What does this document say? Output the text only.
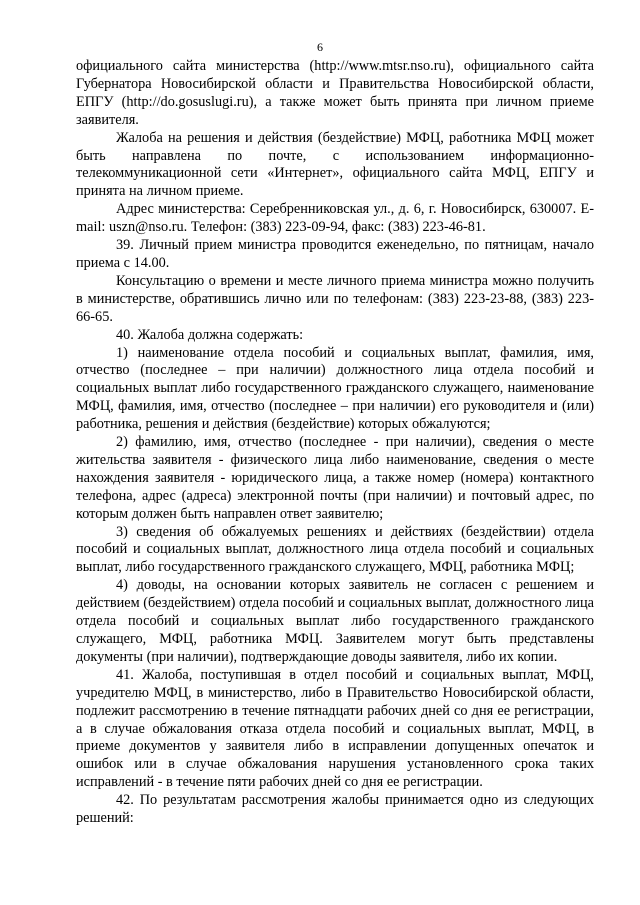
6

официального сайта министерства (http://www.mtsr.nso.ru), официального сайта Губернатора Новосибирской области и Правительства Новосибирской области, ЕПГУ (http://do.gosuslugi.ru), а также может быть принята при личном приеме заявителя.

Жалоба на решения и действия (бездействие) МФЦ, работника МФЦ может быть направлена по почте, с использованием информационно-телекоммуникационной сети «Интернет», официального сайта МФЦ, ЕПГУ и принята на личном приеме.

Адрес министерства: Серебренниковская ул., д. 6, г. Новосибирск, 630007. E-mail: uszn@nso.ru. Телефон: (383) 223-09-94, факс: (383) 223-46-81.

39. Личный прием министра проводится еженедельно, по пятницам, начало приема с 14.00.

Консультацию о времени и месте личного приема министра можно получить в министерстве, обратившись лично или по телефонам: (383) 223-23-88, (383) 223-66-65.

40. Жалоба должна содержать:

1) наименование отдела пособий и социальных выплат, фамилия, имя, отчество (последнее – при наличии) должностного лица отдела пособий и социальных выплат либо государственного гражданского служащего, наименование МФЦ, фамилия, имя, отчество (последнее – при наличии) его руководителя и (или) работника, решения и действия (бездействие) которых обжалуются;

2) фамилию, имя, отчество (последнее - при наличии), сведения о месте жительства заявителя - физического лица либо наименование, сведения о месте нахождения заявителя - юридического лица, а также номер (номера) контактного телефона, адрес (адреса) электронной почты (при наличии) и почтовый адрес, по которым должен быть направлен ответ заявителю;

3) сведения об обжалуемых решениях и действиях (бездействии) отдела пособий и социальных выплат, должностного лица отдела пособий и социальных выплат, либо государственного гражданского служащего, МФЦ, работника МФЦ;

4) доводы, на основании которых заявитель не согласен с решением и действием (бездействием) отдела пособий и социальных выплат, должностного лица отдела пособий и социальных выплат либо государственного гражданского служащего, МФЦ, работника МФЦ. Заявителем могут быть представлены документы (при наличии), подтверждающие доводы заявителя, либо их копии.

41. Жалоба, поступившая в отдел пособий и социальных выплат, МФЦ, учредителю МФЦ, в министерство, либо в Правительство Новосибирской области, подлежит рассмотрению в течение пятнадцати рабочих дней со дня ее регистрации, а в случае обжалования отказа отдела пособий и социальных выплат, МФЦ, в приеме документов у заявителя либо в исправлении допущенных опечаток и ошибок или в случае обжалования нарушения установленного срока таких исправлений - в течение пяти рабочих дней со дня ее регистрации.

42. По результатам рассмотрения жалобы принимается одно из следующих решений:
